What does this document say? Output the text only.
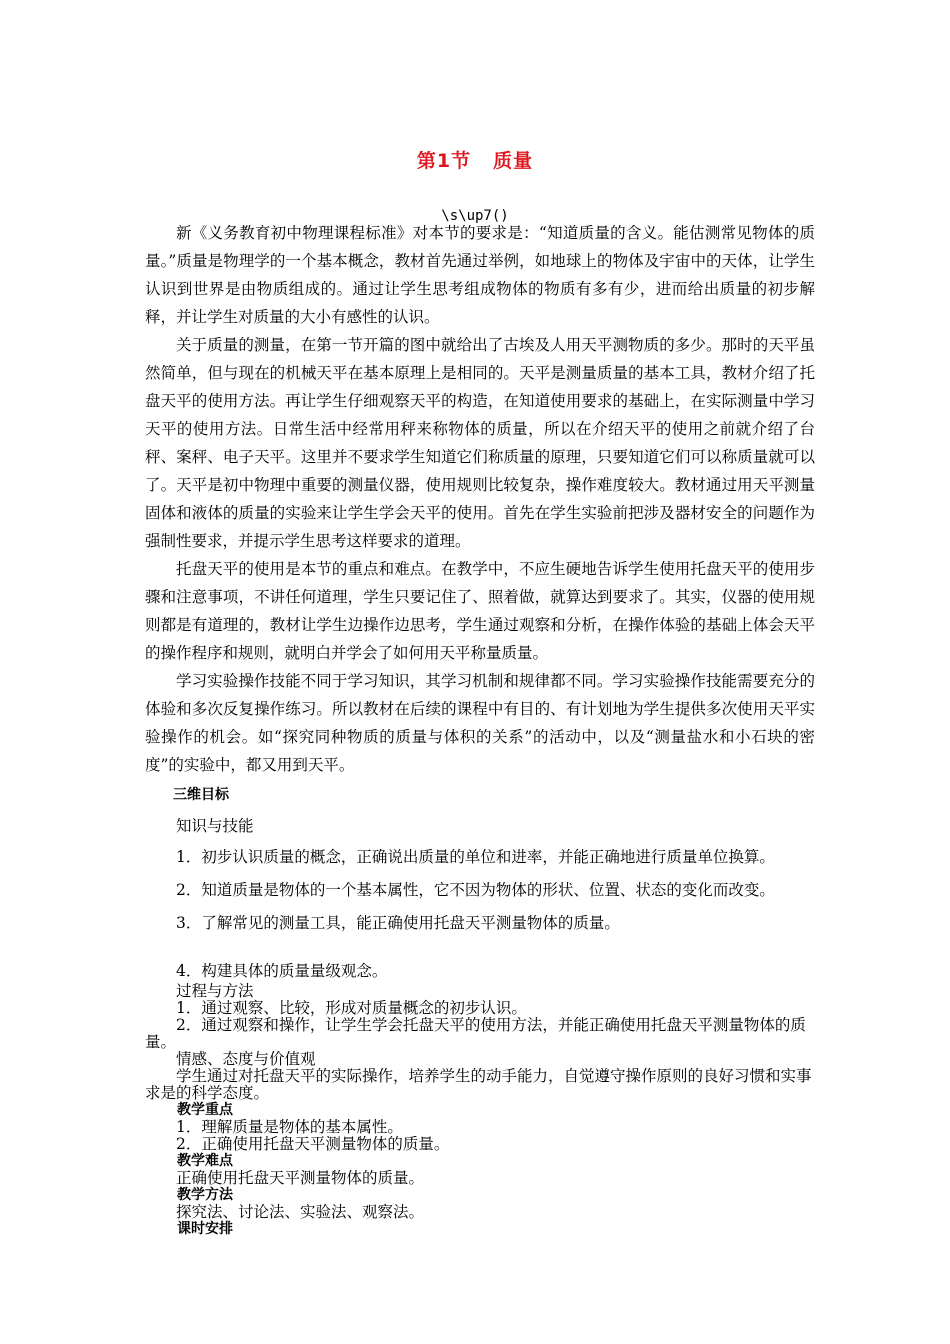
第1节 质量
\s\up7()

新《义务教育初中物理课程标准》对本节的要求是：“知道质量的含义。能估测常见物体的质量。”质量是物理学的一个基本概念，教材首先通过举例，如地球上的物体及宇宙中的天体，让学生认识到世界是由物质组成的。通过让学生思考组成物体的物质有多有少，进而给出质量的初步解释，并让学生对质量的大小有感性的认识。

关于质量的测量，在第一节开篇的图中就给出了古埃及人用天平测物质的多少。那时的天平虽然简单，但与现在的机械天平在基本原理上是相同的。天平是测量质量的基本工具，教材介绍了托盘天平的使用方法。再让学生仔细观察天平的构造，在知道使用要求的基础上，在实际测量中学习天平的使用方法。日常生活中经常用秤来称物体的质量，所以在介绍天平的使用之前就介绍了台秤、案秤、电子天平。这里并不要求学生知道它们称质量的原理，只要知道它们可以称质量就可以了。天平是初中物理中重要的测量仪器，使用规则比较复杂，操作难度较大。教材通过用天平测量固体和液体的质量的实验来让学生学会天平的使用。首先在学生实验前把涉及器材安全的问题作为强制性要求，并提示学生思考这样要求的道理。

托盘天平的使用是本节的重点和难点。在教学中，不应生硬地告诉学生使用托盘天平的使用步骤和注意事项，不讲任何道理，学生只要记住了、照着做，就算达到要求了。其实，仪器的使用规则都是有道理的，教材让学生边操作边思考，学生通过观察和分析，在操作体验的基础上体会天平的操作程序和规则，就明白并学会了如何用天平称量质量。

学习实验操作技能不同于学习知识，其学习机制和规律都不同。学习实验操作技能需要充分的体验和多次反复操作练习。所以教材在后续的课程中有目的、有计划地为学生提供多次使用天平实验操作的机会。如“探究同种物质的质量与体积的关系”的活动中，以及“测量盐水和小石块的密度”的实验中，都又用到天平。

三维目标

知识与技能

1．初步认识质量的概念，正确说出质量的单位和进率，并能正确地进行质量单位换算。

2．知道质量是物体的一个基本属性，它不因为物体的形状、位置、状态的变化而改变。

3．了解常见的测量工具，能正确使用托盘天平测量物体的质量。

4．构建具体的质量量级观念。

过程与方法

1．通过观察、比较，形成对质量概念的初步认识。

2．通过观察和操作，让学生学会托盘天平的使用方法，并能正确使用托盘天平测量物体的质量。

情感、态度与价值观

学生通过对托盘天平的实际操作，培养学生的动手能力，自觉遵守操作原则的良好习惯和实事求是的科学态度。

教学重点

1．理解质量是物体的基本属性。

2．正确使用托盘天平测量物体的质量。

教学难点

正确使用托盘天平测量物体的质量。

教学方法

探究法、讨论法、实验法、观察法。

课时安排
